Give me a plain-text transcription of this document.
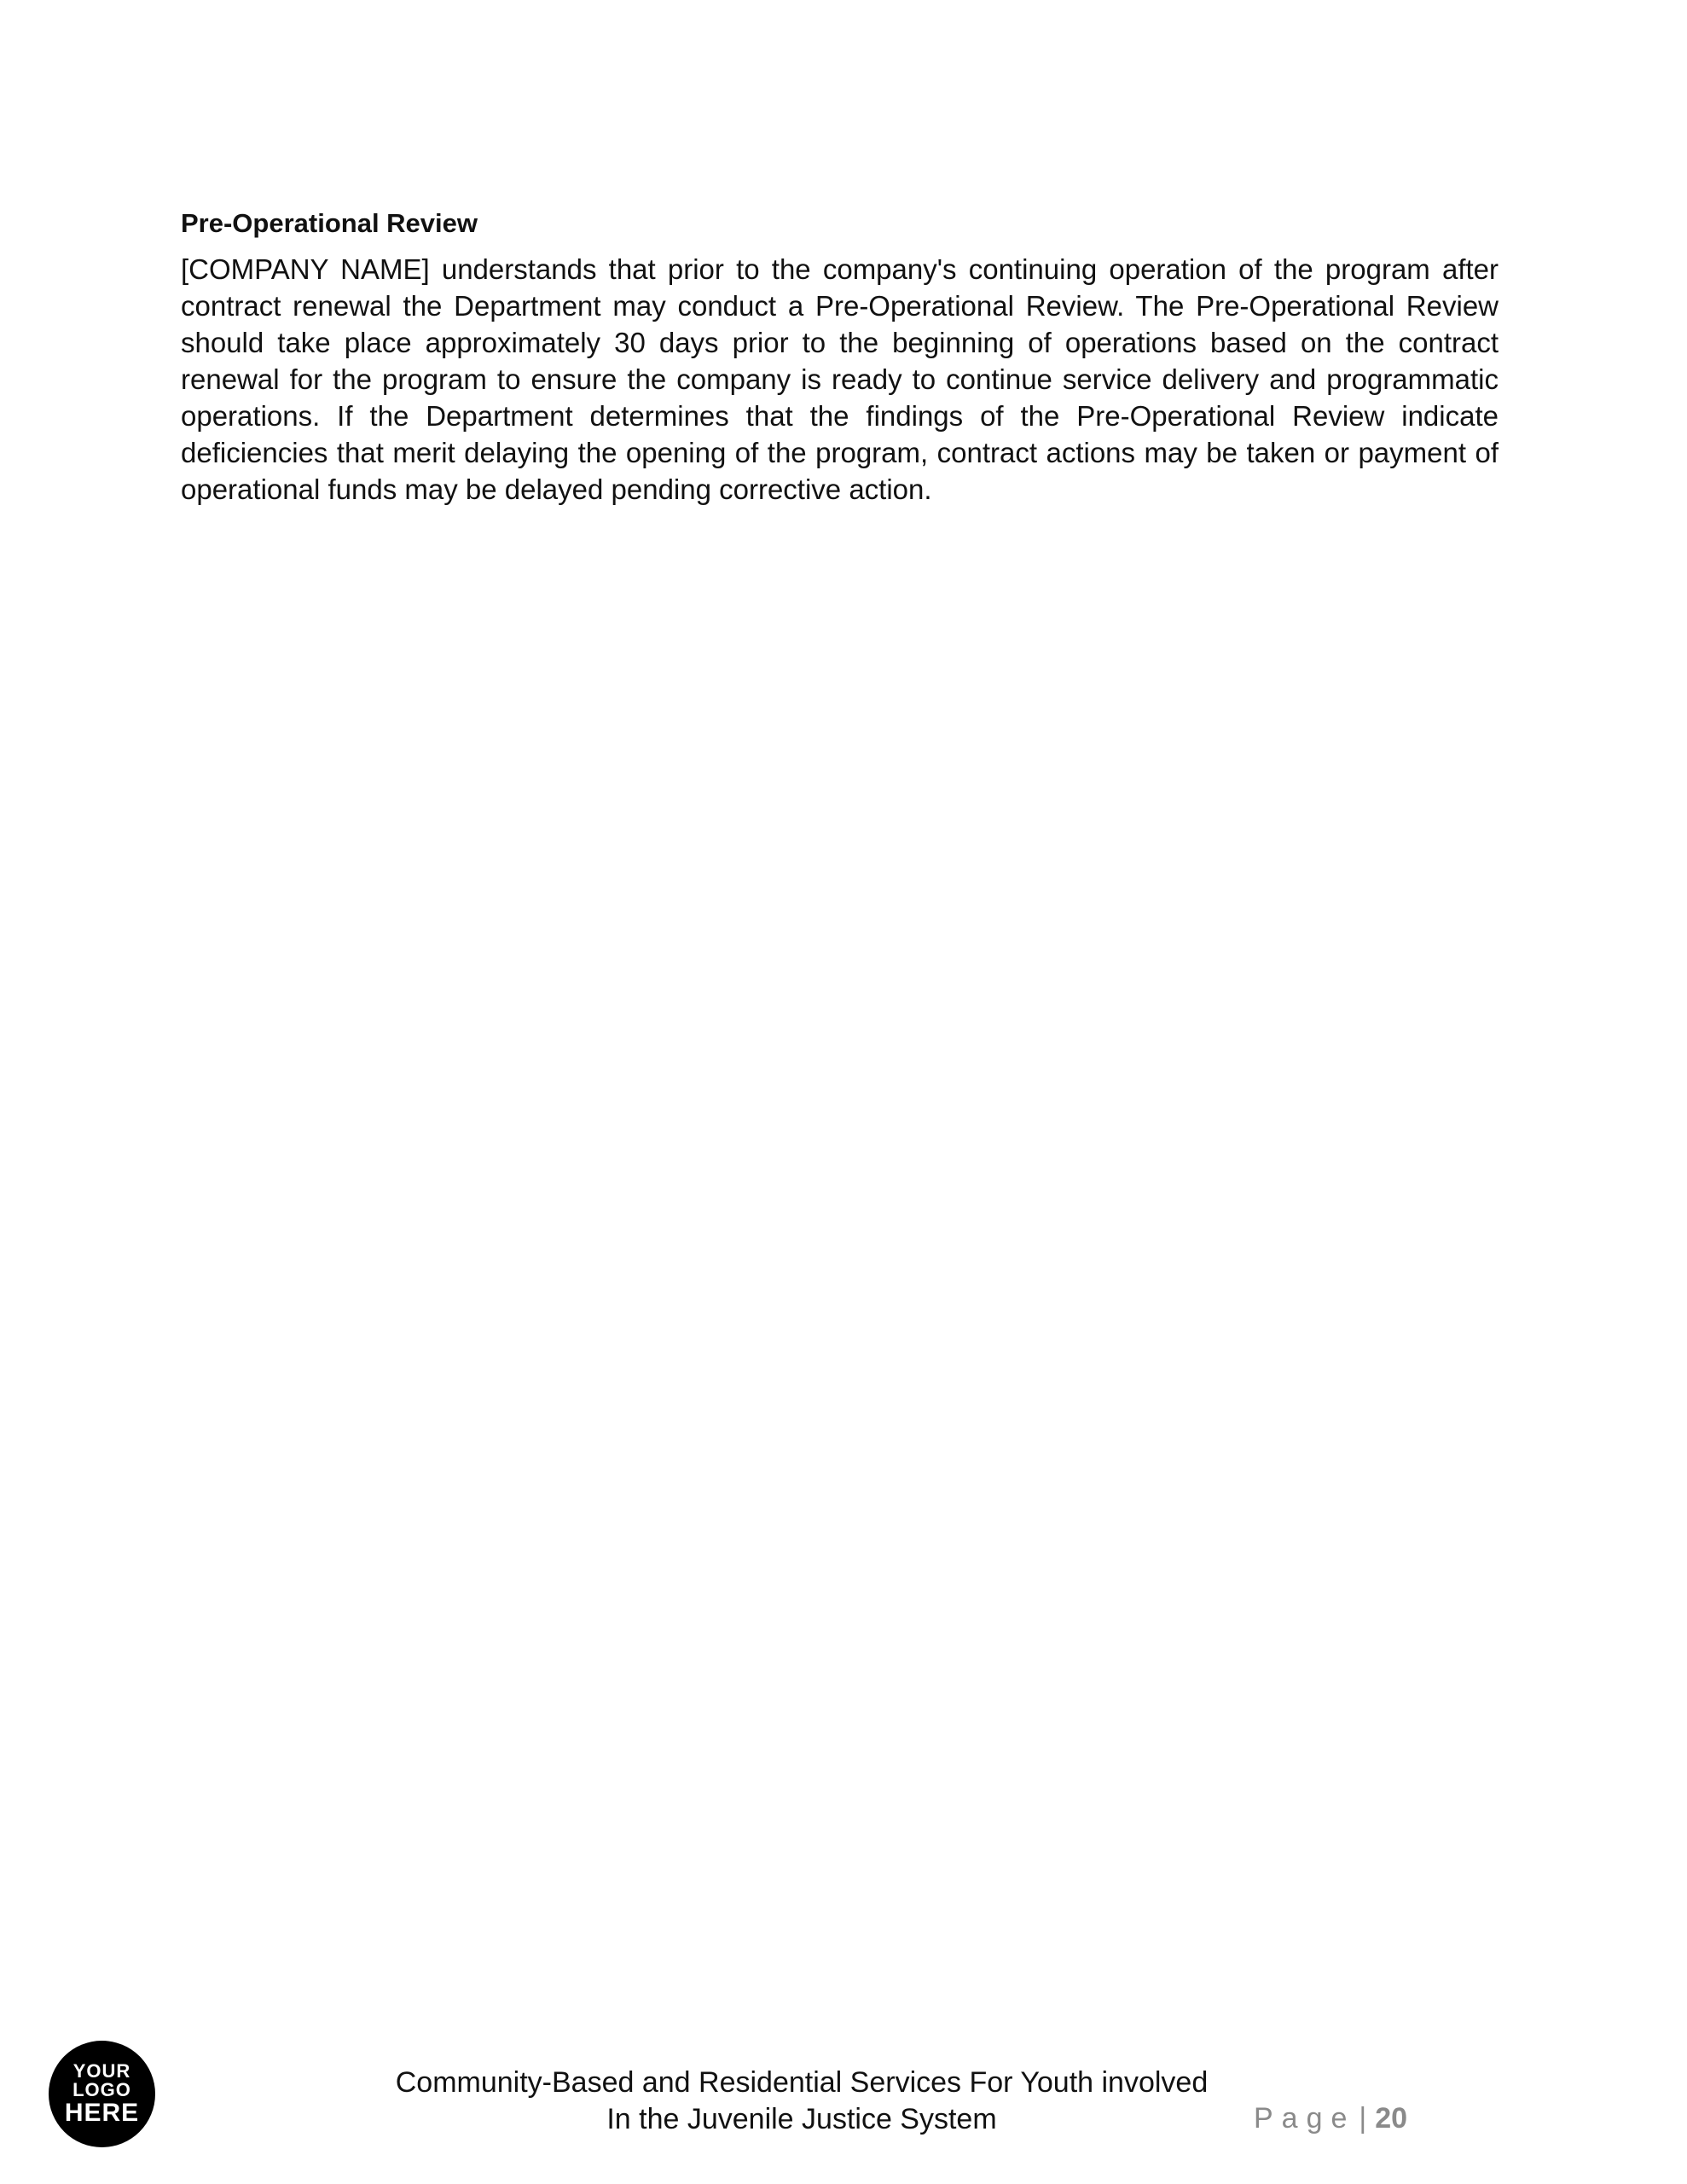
Pre-Operational Review

[COMPANY NAME] understands that prior to the company's continuing operation of the program after contract renewal the Department may conduct a Pre-Operational Review. The Pre-Operational Review should take place approximately 30 days prior to the beginning of operations based on the contract renewal for the program to ensure the company is ready to continue service delivery and programmatic operations. If the Department determines that the findings of the Pre-Operational Review indicate deficiencies that merit delaying the opening of the program, contract actions may be taken or payment of operational funds may be delayed pending corrective action.

YOUR
LOGO
HERE
Community-Based and Residential Services For Youth involved
In the Juvenile Justice System	Page | 20
